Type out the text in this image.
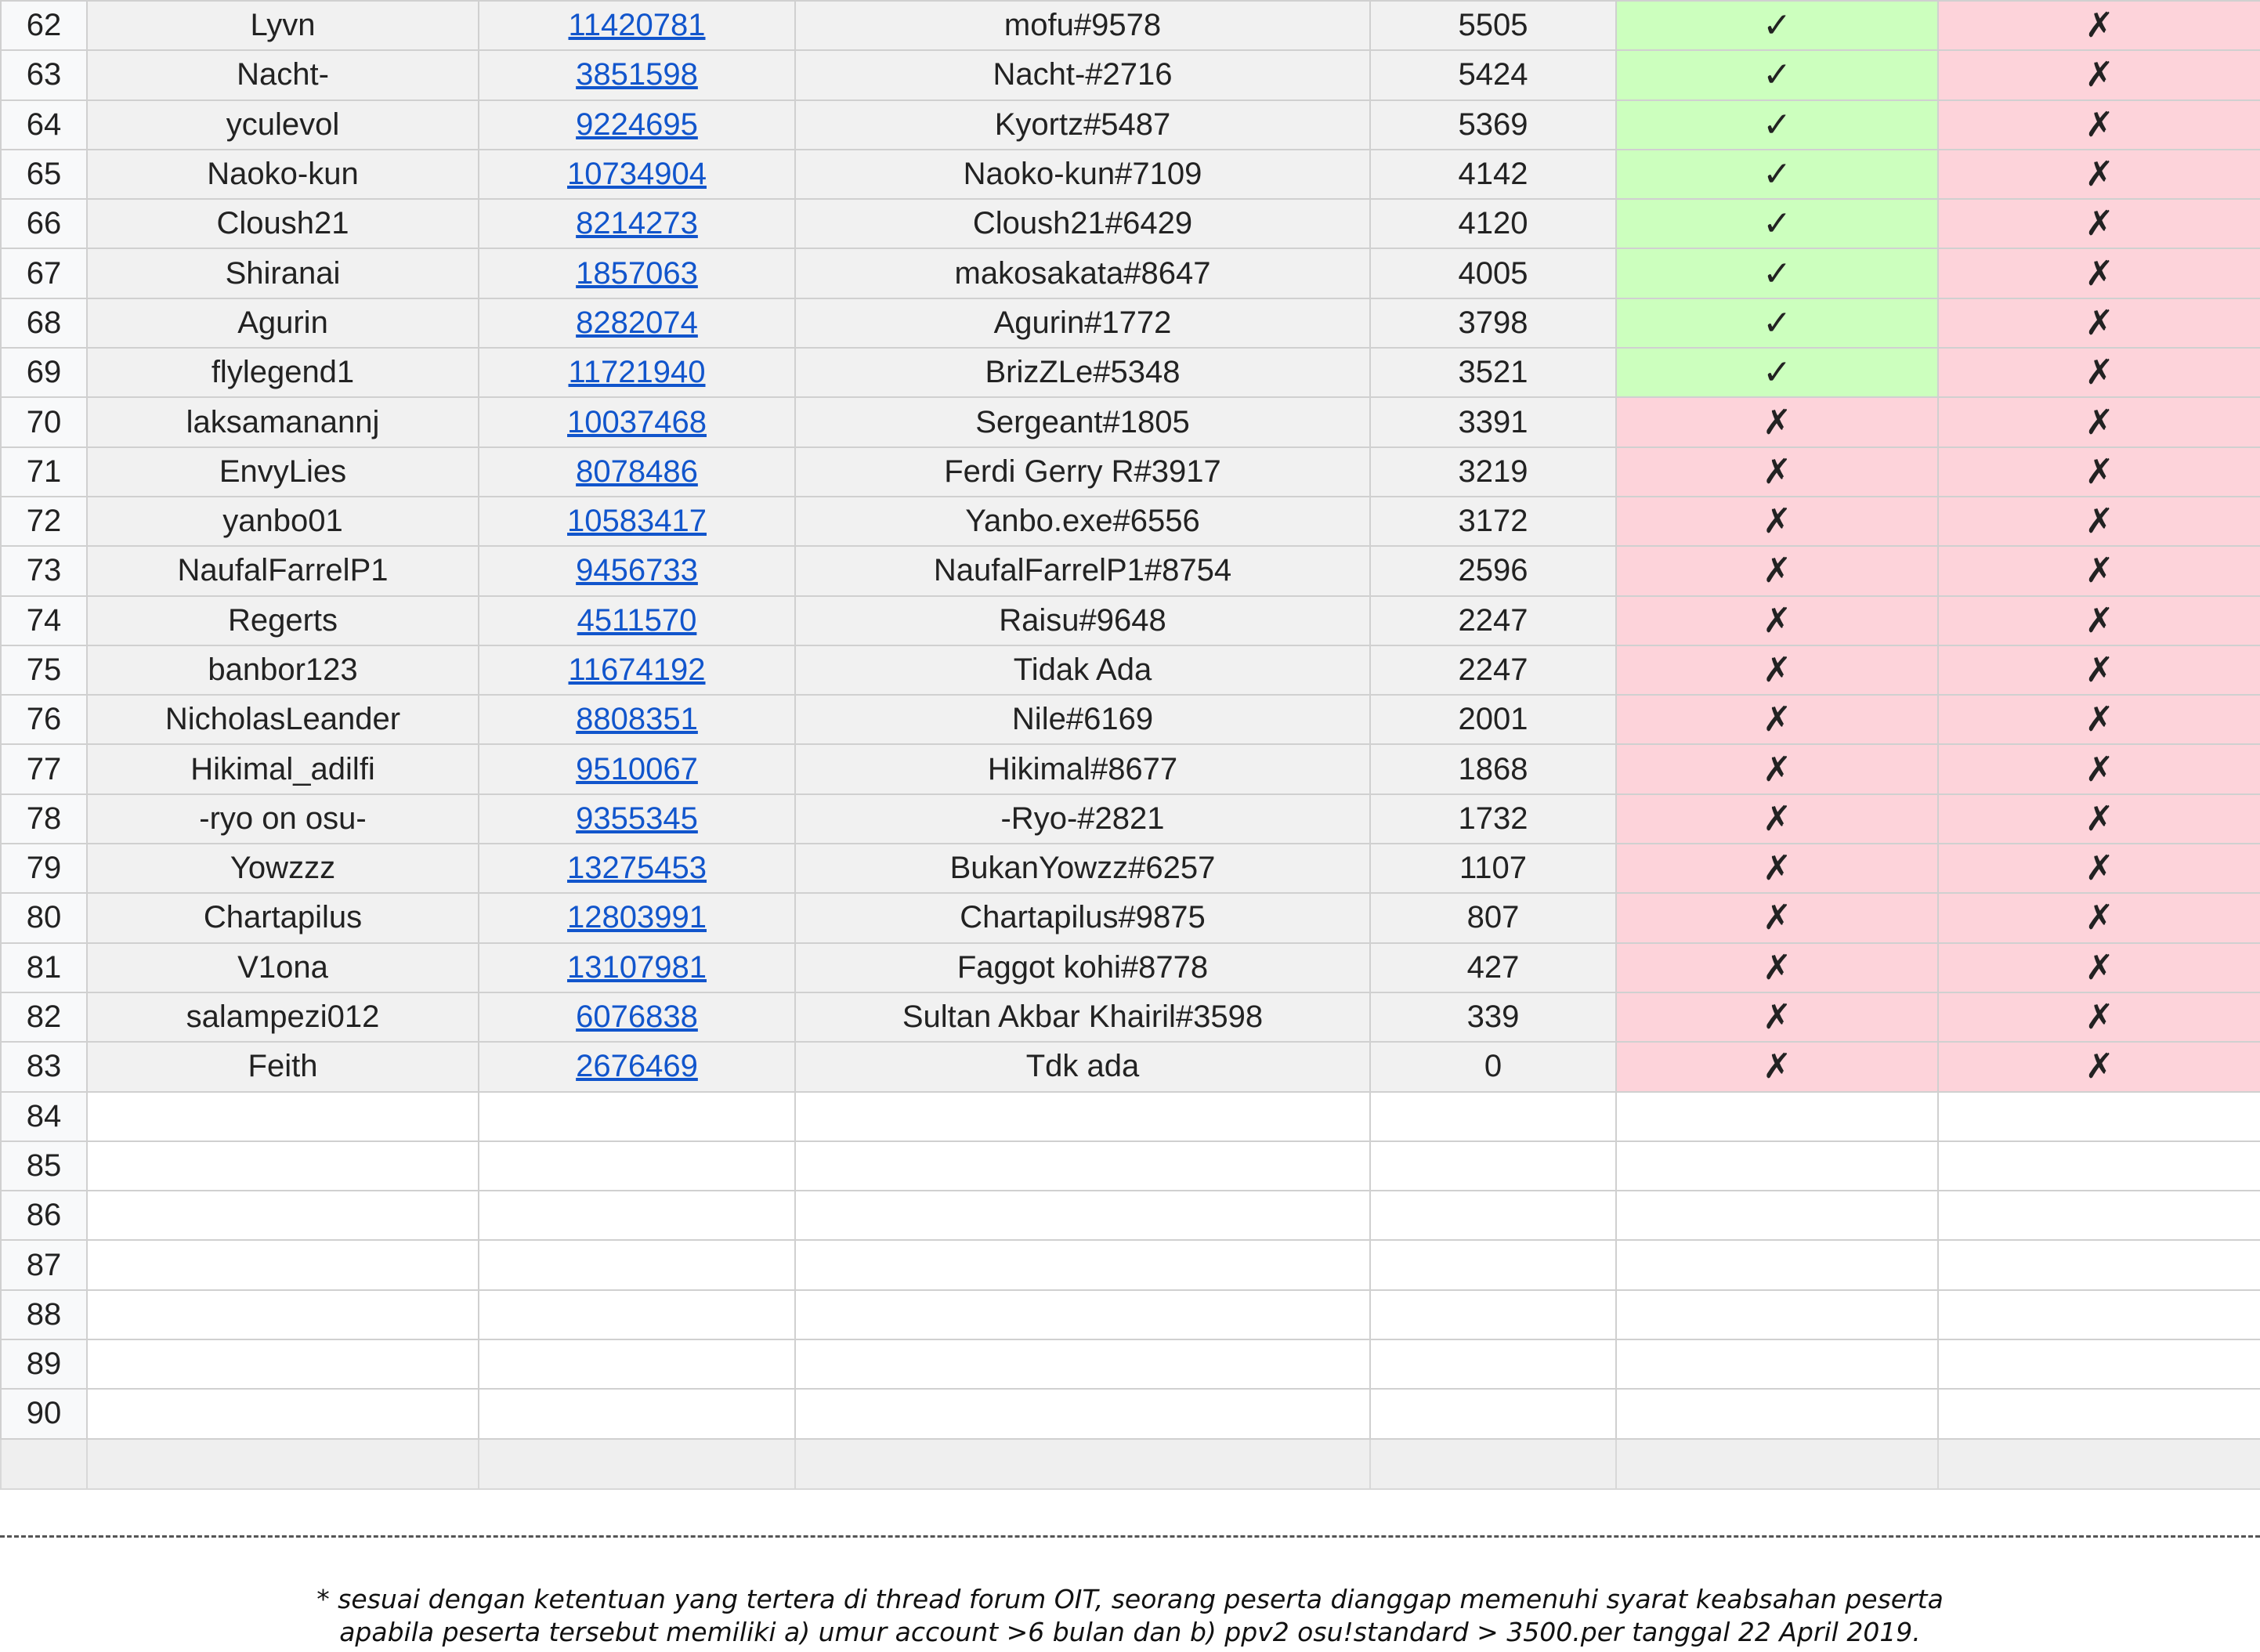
62	Lyvn	11420781	mofu#9578	5505	✓	✗
63	Nacht-	3851598	Nacht-#2716	5424	✓	✗
64	yculevol	9224695	Kyortz#5487	5369	✓	✗
65	Naoko-kun	10734904	Naoko-kun#7109	4142	✓	✗
66	Cloush21	8214273	Cloush21#6429	4120	✓	✗
67	Shiranai	1857063	makosakata#8647	4005	✓	✗
68	Agurin	8282074	Agurin#1772	3798	✓	✗
69	flylegend1	11721940	BrizZLe#5348	3521	✓	✗
70	laksamanannj	10037468	Sergeant#1805	3391	✗	✗
71	EnvyLies	8078486	Ferdi Gerry R#3917	3219	✗	✗
72	yanbo01	10583417	Yanbo.exe#6556	3172	✗	✗
73	NaufalFarrelP1	9456733	NaufalFarrelP1#8754	2596	✗	✗
74	Regerts	4511570	Raisu#9648	2247	✗	✗
75	banbor123	11674192	Tidak Ada	2247	✗	✗
76	NicholasLeander	8808351	Nile#6169	2001	✗	✗
77	Hikimal_adilfi	9510067	Hikimal#8677	1868	✗	✗
78	-ryo on osu-	9355345	-Ryo-#2821	1732	✗	✗
79	Yowzzz	13275453	BukanYowzz#6257	1107	✗	✗
80	Chartapilus	12803991	Chartapilus#9875	807	✗	✗
81	V1ona	13107981	Faggot kohi#8778	427	✗	✗
82	salampezi012	6076838	Sultan Akbar Khairil#3598	339	✗	✗
83	Feith	2676469	Tdk ada	0	✗	✗
84						
85						
86						
87						
88						
89						
90						

* sesuai dengan ketentuan yang tertera di thread forum OIT, seorang peserta dianggap memenuhi syarat keabsahan peserta
apabila peserta tersebut memiliki a) umur account >6 bulan dan b) ppv2 osu!standard > 3500.per tanggal 22 April 2019.
